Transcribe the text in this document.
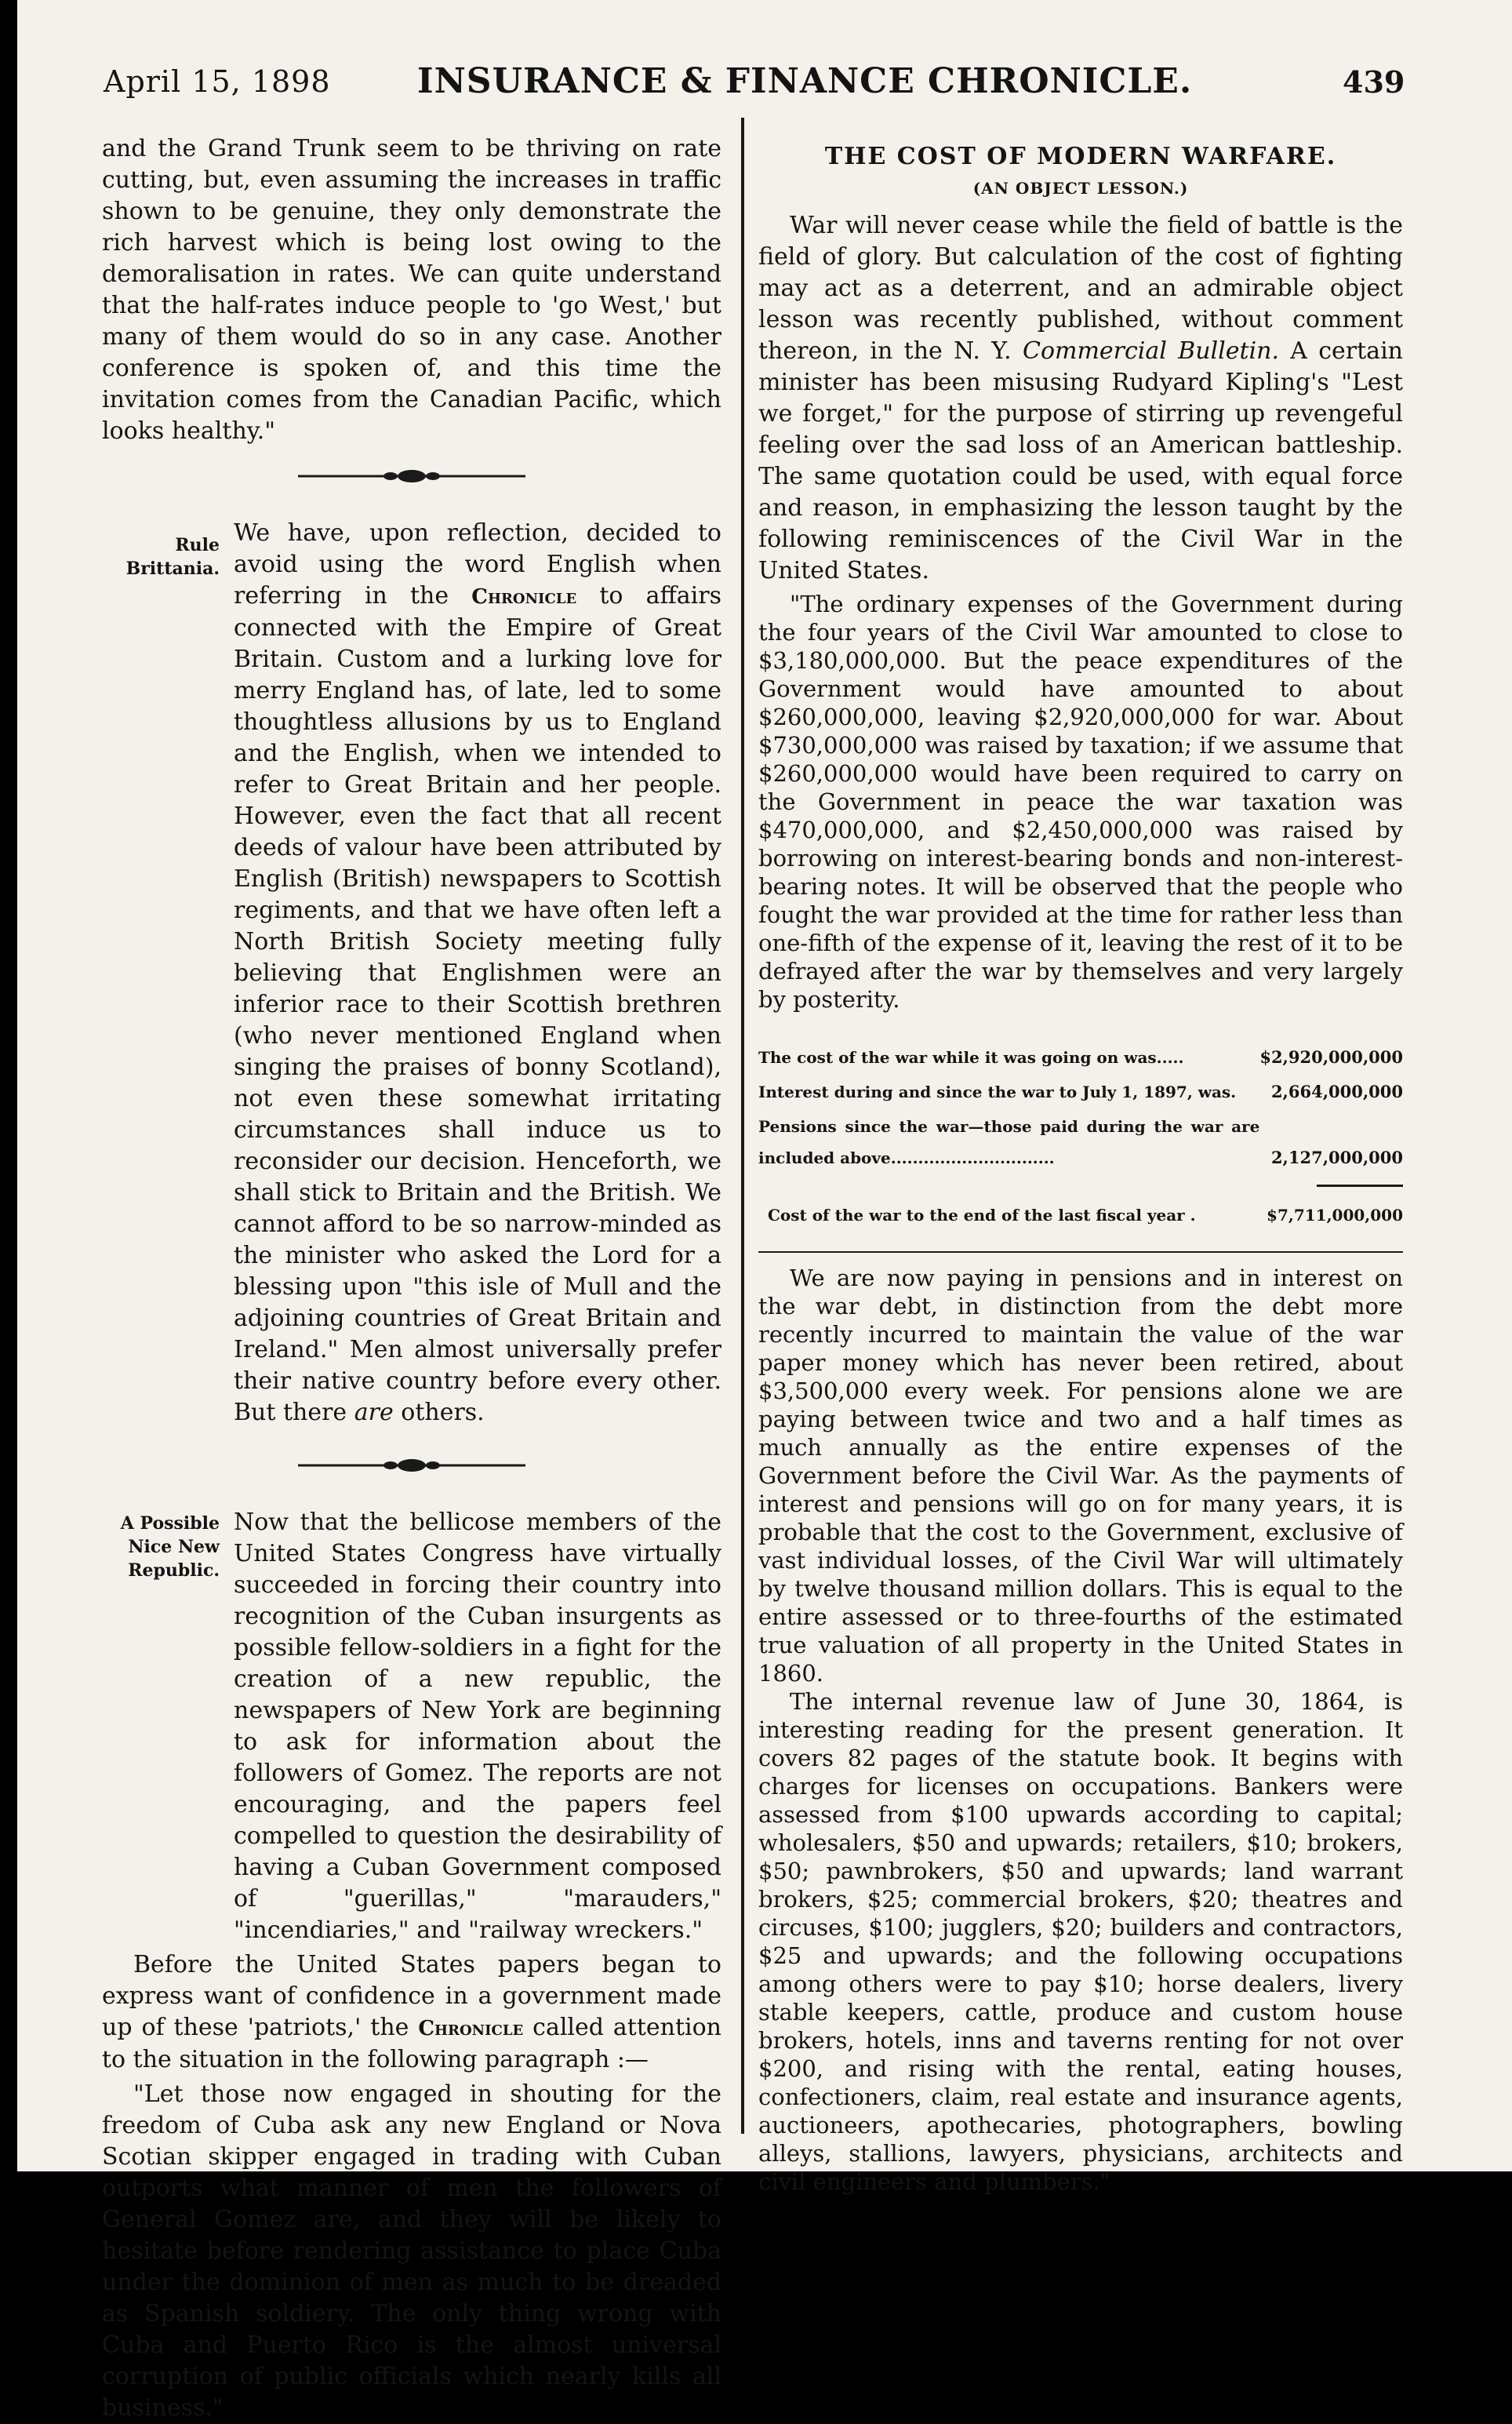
April 15, 1898	INSURANCE & FINANCE CHRONICLE.	439

and the Grand Trunk seem to be thriving on rate cutting, but, even assuming the increases in traffic shown to be genuine, they only demonstrate the rich harvest which is being lost owing to the demoralisation in rates. We can quite understand that the half-rates induce people to 'go West,' but many of them would do so in any case. Another conference is spoken of, and this time the invitation comes from the Canadian Pacific, which looks healthy."

Rule Brittania.
We have, upon reflection, decided to avoid using the word English when referring in the Chronicle to affairs connected with the Empire of Great Britain. Custom and a lurking love for merry England has, of late, led to some thoughtless allusions by us to England and the English, when we intended to refer to Great Britain and her people. However, even the fact that all recent deeds of valour have been attributed by English (British) newspapers to Scottish regiments, and that we have often left a North British Society meeting fully believing that Englishmen were an inferior race to their Scottish brethren (who never mentioned England when singing the praises of bonny Scotland), not even these somewhat irritating circumstances shall induce us to reconsider our decision. Henceforth, we shall stick to Britain and the British. We cannot afford to be so narrow-minded as the minister who asked the Lord for a blessing upon "this isle of Mull and the adjoining countries of Great Britain and Ireland." Men almost universally prefer their native country before every other. But there are others.
A Possible Nice New Republic.
Now that the bellicose members of the United States Congress have virtually succeeded in forcing their country into recognition of the Cuban insurgents as possible fellow-soldiers in a fight for the creation of a new republic, the newspapers of New York are beginning to ask for information about the followers of Gomez. The reports are not encouraging, and the papers feel compelled to question the desirability of having a Cuban Government composed of "guerillas," "marauders," "incendiaries," and "railway wreckers."

Before the United States papers began to express want of confidence in a government made up of these 'patriots,' the Chronicle called attention to the situation in the following paragraph :—

"Let those now engaged in shouting for the freedom of Cuba ask any new England or Nova Scotian skipper engaged in trading with Cuban outports what manner of men the followers of General Gomez are, and they will be likely to hesitate before rendering assistance to place Cuba under the dominion of men as much to be dreaded as Spanish soldiery. The only thing wrong with Cuba and Puerto Rico is the almost universal corruption of public officials which nearly kills all business."

THE COST OF MODERN WARFARE.
(AN OBJECT LESSON.)

War will never cease while the field of battle is the field of glory. But calculation of the cost of fighting may act as a deterrent, and an admirable object lesson was recently published, without comment thereon, in the N. Y. Commercial Bulletin. A certain minister has been misusing Rudyard Kipling's "Lest we forget," for the purpose of stirring up revengeful feeling over the sad loss of an American battleship. The same quotation could be used, with equal force and reason, in emphasizing the lesson taught by the following reminiscences of the Civil War in the United States.

"The ordinary expenses of the Government during the four years of the Civil War amounted to close to $3,180,000,000. But the peace expenditures of the Government would have amounted to about $260,000,000, leaving $2,920,000,000 for war. About $730,000,000 was raised by taxation; if we assume that $260,000,000 would have been required to carry on the Government in peace the war taxation was $470,000,000, and $2,450,000,000 was raised by borrowing on interest-bearing bonds and non-interest-bearing notes. It will be observed that the people who fought the war provided at the time for rather less than one-fifth of the expense of it, leaving the rest of it to be defrayed after the war by themselves and very largely by posterity.

The cost of the war while it was going on was.....	$2,920,000,000
Interest during and since the war to July 1, 1897, was.	2,664,000,000
Pensions since the war—those paid during the war are included above..............................	2,127,000,000
Cost of the war to the end of the last fiscal year .	$7,711,000,000

We are now paying in pensions and in interest on the war debt, in distinction from the debt more recently incurred to maintain the value of the war paper money which has never been retired, about $3,500,000 every week. For pensions alone we are paying between twice and two and a half times as much annually as the entire expenses of the Government before the Civil War. As the payments of interest and pensions will go on for many years, it is probable that the cost to the Government, exclusive of vast individual losses, of the Civil War will ultimately by twelve thousand million dollars. This is equal to the entire assessed or to three-fourths of the estimated true valuation of all property in the United States in 1860.

The internal revenue law of June 30, 1864, is interesting reading for the present generation. It covers 82 pages of the statute book. It begins with charges for licenses on occupations. Bankers were assessed from $100 upwards according to capital; wholesalers, $50 and upwards; retailers, $10; brokers, $50; pawnbrokers, $50 and upwards; land warrant brokers, $25; commercial brokers, $20; theatres and circuses, $100; jugglers, $20; builders and contractors, $25 and upwards; and the following occupations among others were to pay $10; horse dealers, livery stable keepers, cattle, produce and custom house brokers, hotels, inns and taverns renting for not over $200, and rising with the rental, eating houses, confectioners, claim, real estate and insurance agents, auctioneers, apothecaries, photographers, bowling alleys, stallions, lawyers, physicians, architects and civil engineers and plumbers."
